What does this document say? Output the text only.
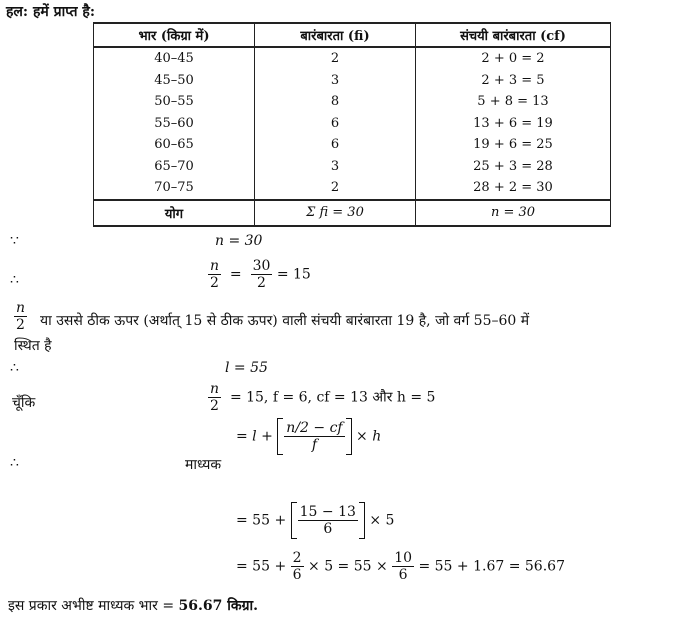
हल: हमें प्राप्त है:
भार (किग्रा में)	बारंबारता (fi)	संचयी बारंबारता (cf)
40–45	2	2 + 0 = 2
45–50	3	2 + 3 = 5
50–55	8	5 + 8 = 13
55–60	6	13 + 6 = 19
60–65	6	19 + 6 = 25
65–70	3	25 + 3 = 28
70–75	2	28 + 2 = 30
योग	Σ fi = 30	n = 30
∵	n = 30
∴	$\frac{n}{2} = \frac{30}{2} = 15$
$\frac{n}{2}$ या उससे ठीक ऊपर (अर्थात् 15 से ठीक ऊपर) वाली संचयी बारंबारता 19 है, जो वर्ग 55–60 में
स्थित है
∴	l = 55
चूँकि	$\frac{n}{2} = 15$, f = 6, cf = 13 और h = 5
∴	माध्यक
= $l + \frac{n/2 - cf}{f} \times h$
= $55 + \frac{15 - 13}{6} \times 5$
= $55 + \frac{2}{6} \times 5 = 55 \times \frac{10}{6} = 55 + 1.67 = 56.67$
इस प्रकार अभीष्ट माध्यक भार = 56.67 किग्रा.
